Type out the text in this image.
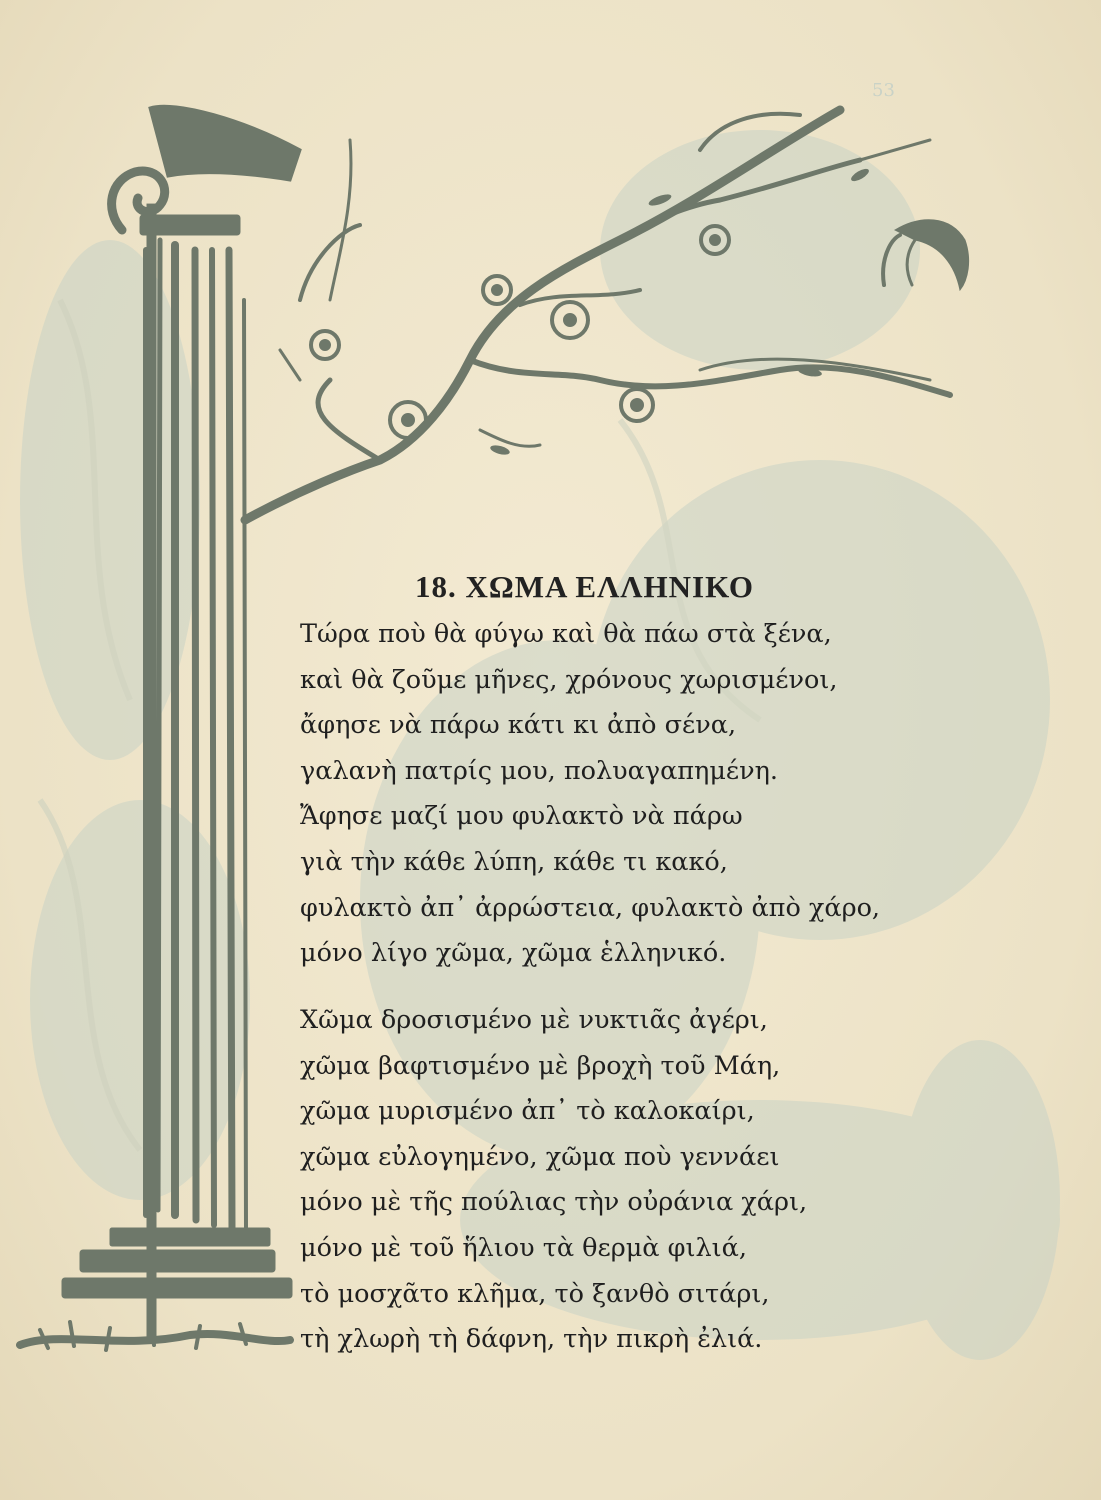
53
18. ΧΩΜΑ ΕΛΛΗΝΙΚΟ
Τώρα ποὺ θὰ φύγω καὶ θὰ πάω στὰ ξένα,
καὶ θὰ ζοῦμε μῆνες, χρόνους χωρισμένοι,
ἄφησε νὰ πάρω κάτι κι ἀπὸ σένα,
γαλανὴ πατρίς μου, πολυαγαπημένη.
Ἄφησε μαζί μου φυλακτὸ νὰ πάρω
γιὰ τὴν κάθε λύπη, κάθε τι κακό,
φυλακτὸ ἀπ᾿ ἀρρώστεια, φυλακτὸ ἀπὸ χάρο,
μόνο λίγο χῶμα, χῶμα ἑλληνικό.
Χῶμα δροσισμένο μὲ νυκτιᾶς ἀγέρι,
χῶμα βαφτισμένο μὲ βροχὴ τοῦ Μάη,
χῶμα μυρισμένο ἀπ᾿ τὸ καλοκαίρι,
χῶμα εὐλογημένο, χῶμα ποὺ γεννάει
μόνο μὲ τῆς πούλιας τὴν οὐράνια χάρι,
μόνο μὲ τοῦ ἥλιου τὰ θερμὰ φιλιά,
τὸ μοσχᾶτο κλῆμα, τὸ ξανθὸ σιτάρι,
τὴ χλωρὴ τὴ δάφνη, τὴν πικρὴ ἐλιά.
